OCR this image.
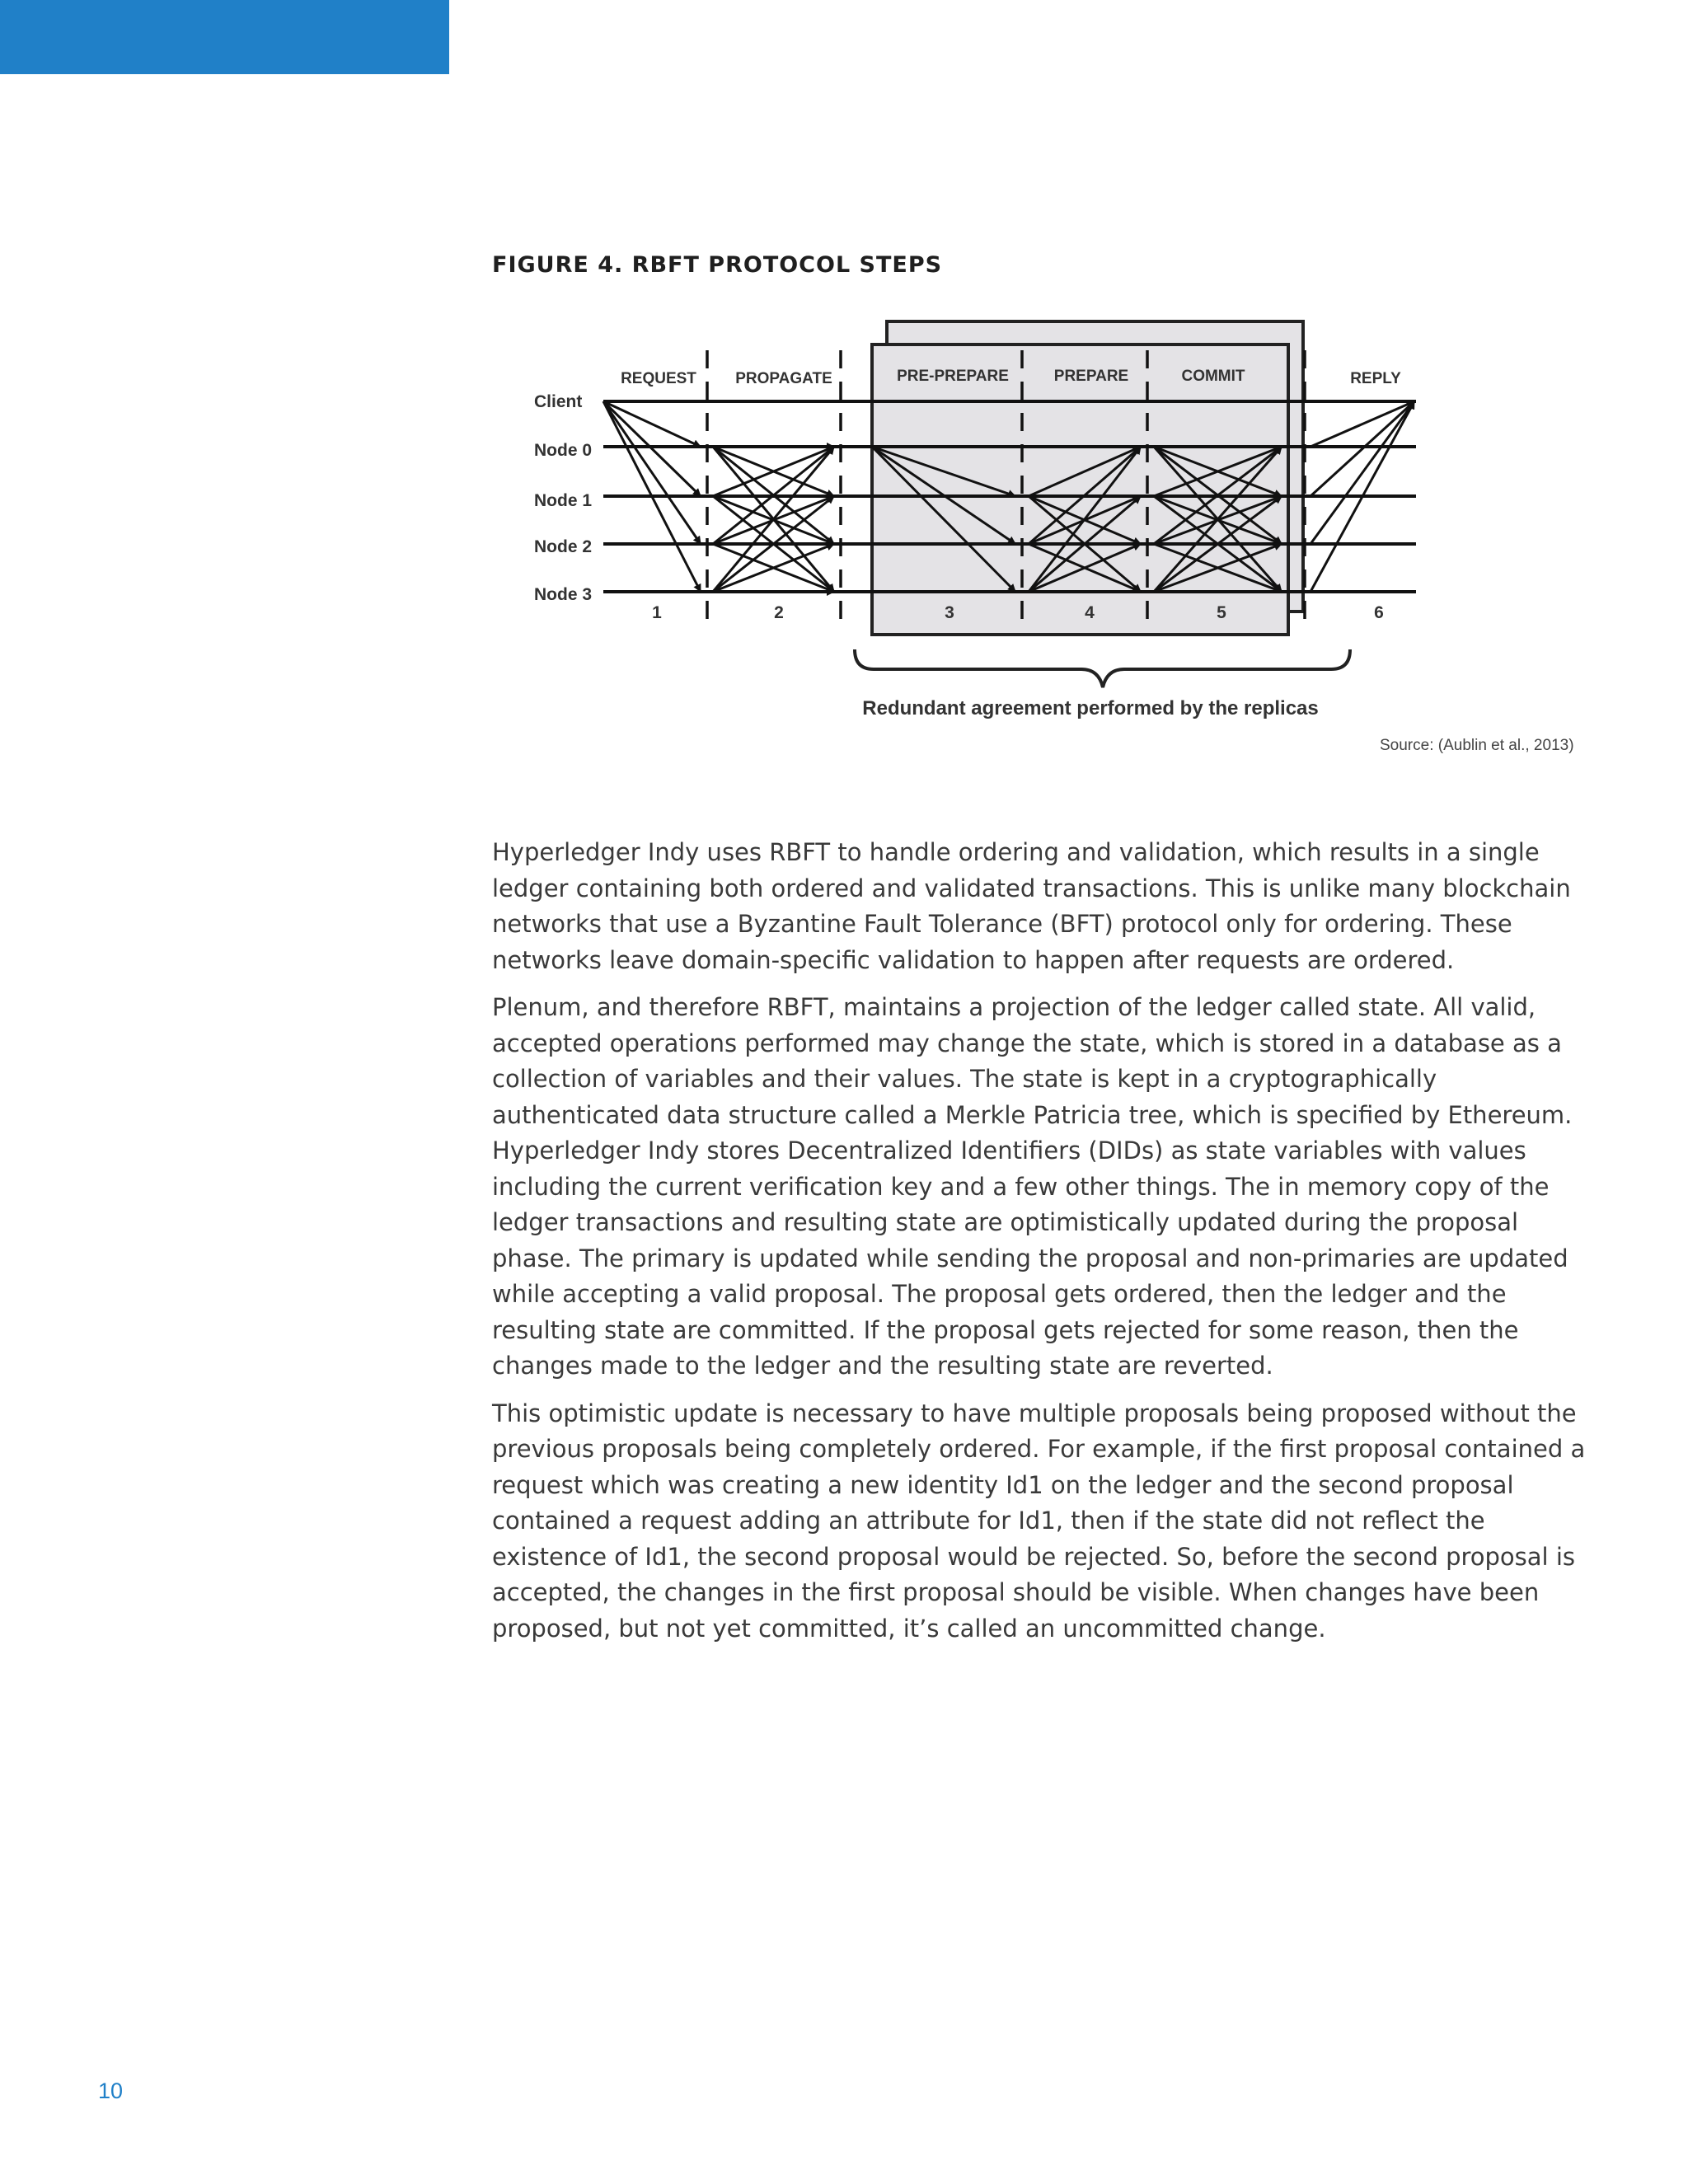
FIGURE 4. RBFT PROTOCOL STEPS
REQUEST PROPAGATE	PRE-PREPARE	PREPARE	COMMIT	REPLY
Client
Node 0
Node 1
Node 2
Node 3
1	2	3	4	5	6
Redundant agreement performed by the replicas
Source: (Aublin et al., 2013)

Hyperledger Indy uses RBFT to handle ordering and validation, which results in a single ledger containing both ordered and validated transactions. This is unlike many blockchain networks that use a Byzantine Fault Tolerance (BFT) protocol only for ordering. These networks leave domain-specific validation to happen after requests are ordered.

Plenum, and therefore RBFT, maintains a projection of the ledger called state. All valid, accepted operations performed may change the state, which is stored in a database as a collection of variables and their values. The state is kept in a cryptographically authenticated data structure called a Merkle Patricia tree, which is specified by Ethereum. Hyperledger Indy stores Decentralized Identifiers (DIDs) as state variables with values including the current verification key and a few other things. The in memory copy of the ledger transactions and resulting state are optimistically updated during the proposal phase. The primary is updated while sending the proposal and non-primaries are updated while accepting a valid proposal. The proposal gets ordered, then the ledger and the resulting state are committed. If the proposal gets rejected for some reason, then the changes made to the ledger and the resulting state are reverted.

This optimistic update is necessary to have multiple proposals being proposed without the previous proposals being completely ordered. For example, if the first proposal contained a request which was creating a new identity Id1 on the ledger and the second proposal contained a request adding an attribute for Id1, then if the state did not reflect the existence of Id1, the second proposal would be rejected. So, before the second proposal is accepted, the changes in the first proposal should be visible. When changes have been proposed, but not yet committed, it’s called an uncommitted change.

10
